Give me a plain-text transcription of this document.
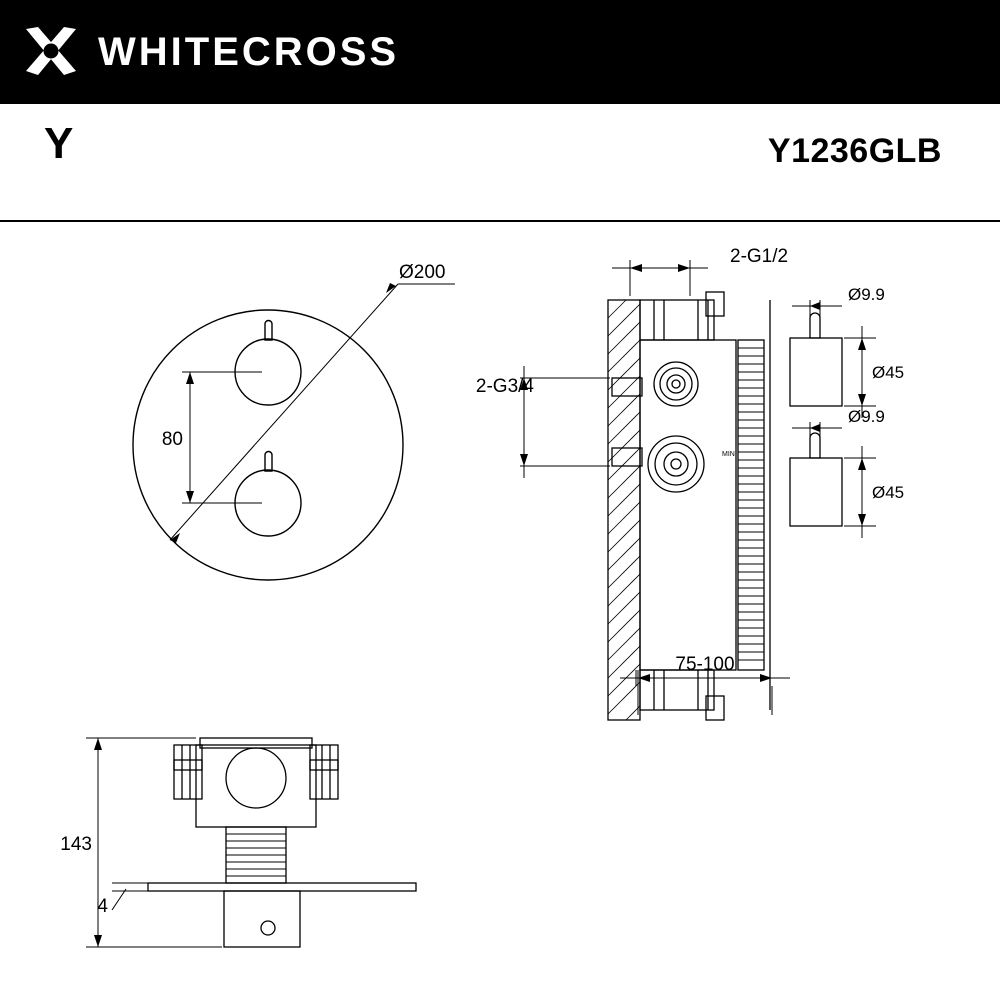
WHITECROSS
Y	Y1236GLB
Ø200
80
MIN
2-G1/2
2-G3/4
Ø9.9
Ø45
Ø9.9
Ø45
75-100
143
4
